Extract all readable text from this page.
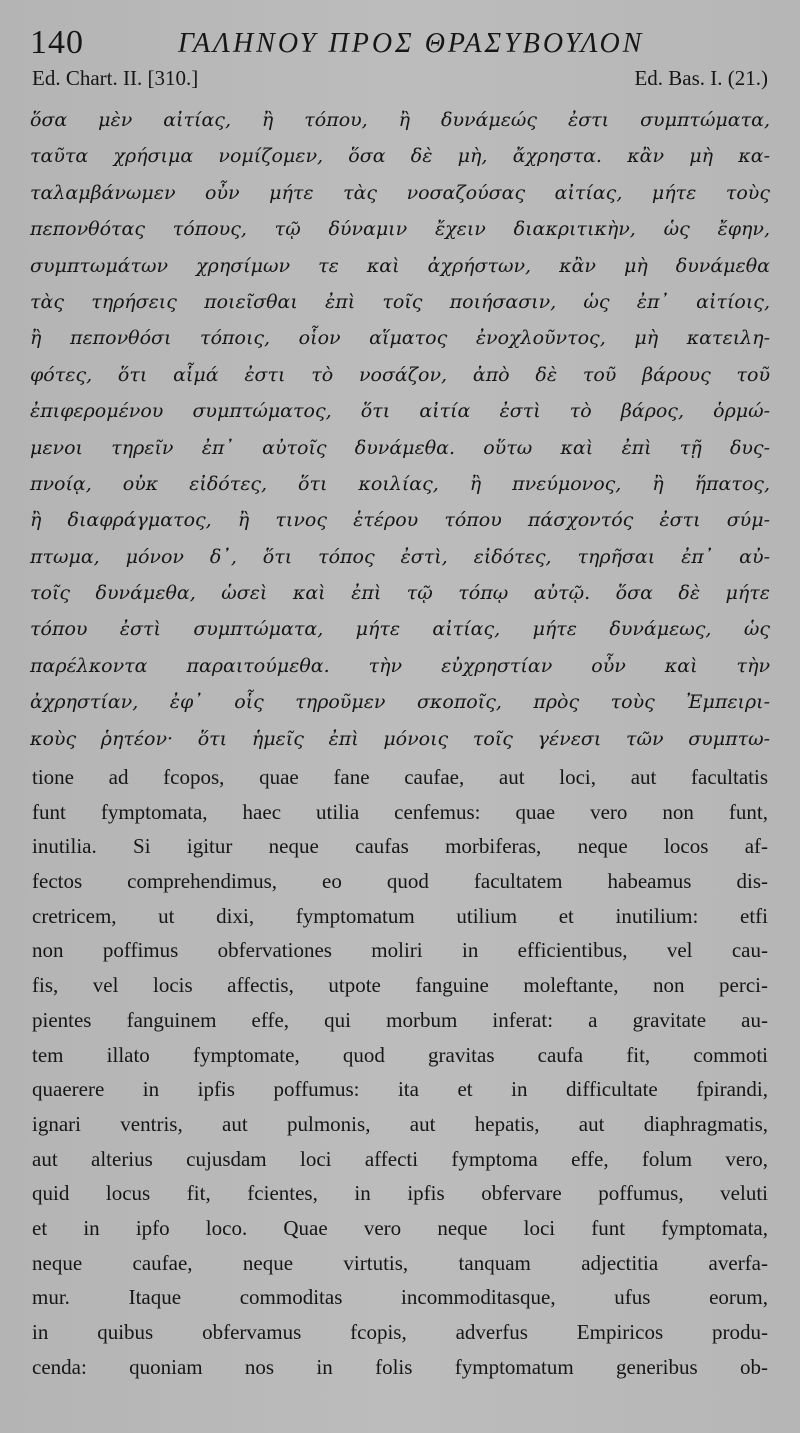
140	ΓΑΛΗΝΟΥ ΠΡΟΣ ΘΡΑΣΥΒΟΥΛΟΝ
Ed. Chart. II. [310.]	Ed. Bas. I. (21.)
ὅσα μὲν αἰτίας, ἢ τόπου, ἢ δυνάμεώς ἐστι συμπτώματα,
ταῦτα χρήσιμα νομίζομεν, ὅσα δὲ μὴ, ἄχρηστα. κἂν μὴ κα-
ταλαμβάνωμεν οὖν μήτε τὰς νοσαζούσας αἰτίας, μήτε τοὺς
πεπονθότας τόπους, τῷ δύναμιν ἔχειν διακριτικὴν, ὡς ἔφην,
συμπτωμάτων χρησίμων τε καὶ ἀχρήστων, κἂν μὴ δυνάμεθα
τὰς τηρήσεις ποιεῖσθαι ἐπὶ τοῖς ποιήσασιν, ὡς ἐπ᾽ αἰτίοις,
ἢ πεπονθόσι τόποις, οἷον αἵματος ἐνοχλοῦντος, μὴ κατειλη-
φότες, ὅτι αἷμά ἐστι τὸ νοσάζον, ἀπὸ δὲ τοῦ βάρους τοῦ
ἐπιφερομένου συμπτώματος, ὅτι αἰτία ἐστὶ τὸ βάρος, ὁρμώ-
μενοι τηρεῖν ἐπ᾽ αὐτοῖς δυνάμεθα. οὕτω καὶ ἐπὶ τῇ δυς-
πνοίᾳ, οὐκ εἰδότες, ὅτι κοιλίας, ἢ πνεύμονος, ἢ ἥπατος,
ἢ διαφράγματος, ἢ τινος ἑτέρου τόπου πάσχοντός ἐστι σύμ-
πτωμα, μόνον δ᾽, ὅτι τόπος ἐστὶ, εἰδότες, τηρῆσαι ἐπ᾽ αὐ-
τοῖς δυνάμεθα, ὡσεὶ καὶ ἐπὶ τῷ τόπῳ αὐτῷ. ὅσα δὲ μήτε
τόπου ἐστὶ συμπτώματα, μήτε αἰτίας, μήτε δυνάμεως, ὡς
παρέλκοντα παραιτούμεθα. τὴν εὐχρηστίαν οὖν καὶ τὴν
ἀχρηστίαν, ἐφ᾽ οἷς τηροῦμεν σκοποῖς, πρὸς τοὺς Ἐμπειρι-
κοὺς ῥητέον· ὅτι ἡμεῖς ἐπὶ μόνοις τοῖς γένεσι τῶν συμπτω-
tione ad fcopos, quae fane caufae, aut loci, aut facultatis
funt fymptomata, haec utilia cenfemus: quae vero non funt,
inutilia. Si igitur neque caufas morbiferas, neque locos af-
fectos comprehendimus, eo quod facultatem habeamus dis-
cretricem, ut dixi, fymptomatum utilium et inutilium: etfi
non poffimus obfervationes moliri in efficientibus, vel cau-
fis, vel locis affectis, utpote fanguine moleftante, non perci-
pientes fanguinem effe, qui morbum inferat: a gravitate au-
tem illato fymptomate, quod gravitas caufa fit, commoti
quaerere in ipfis poffumus: ita et in difficultate fpirandi,
ignari ventris, aut pulmonis, aut hepatis, aut diaphragmatis,
aut alterius cujusdam loci affecti fymptoma effe, folum vero,
quid locus fit, fcientes, in ipfis obfervare poffumus, veluti
et in ipfo loco. Quae vero neque loci funt fymptomata,
neque caufae, neque virtutis, tanquam adjectitia averfa-
mur. Itaque commoditas incommoditasque, ufus eorum,
in quibus obfervamus fcopis, adverfus Empiricos produ-
cenda: quoniam nos in folis fymptomatum generibus ob-
